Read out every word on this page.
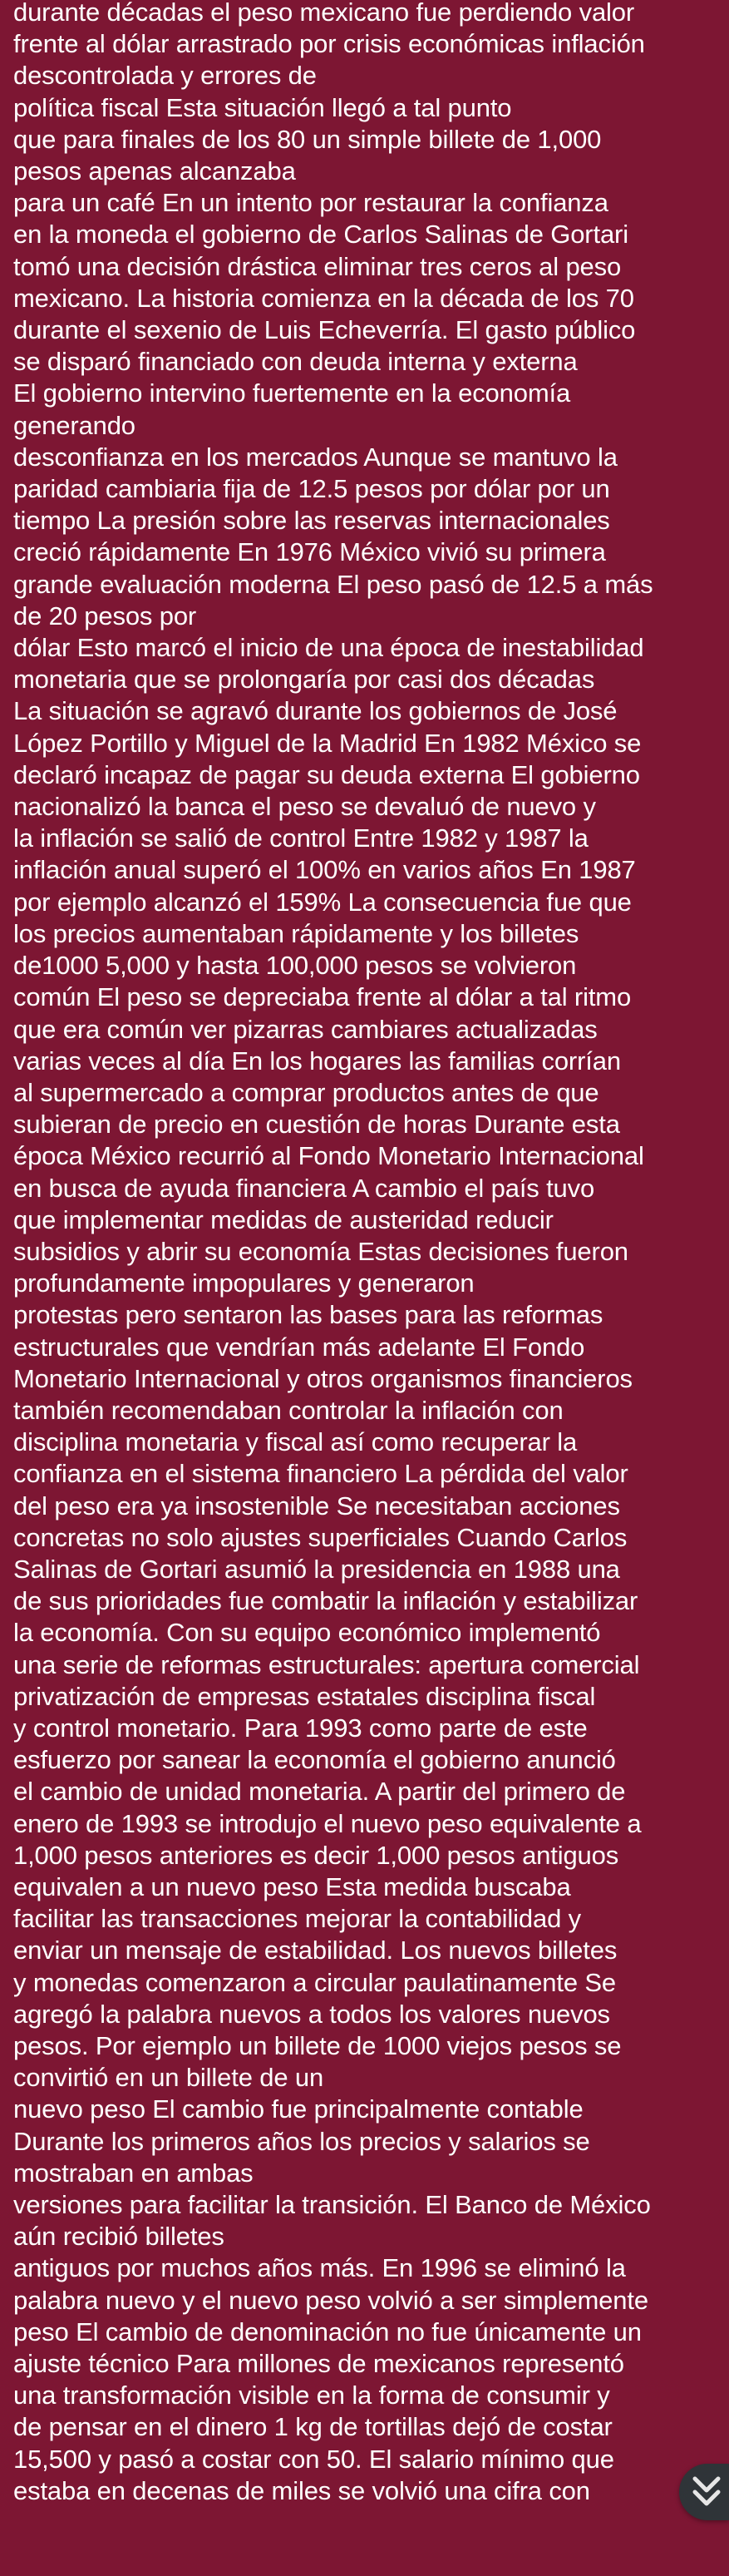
durante décadas el peso mexicano fue perdiendo valor
frente al dólar arrastrado por crisis económicas inflación
descontrolada y errores de
política fiscal Esta situación llegó a tal punto
que para finales de los 80 un simple billete de 1,000
pesos apenas alcanzaba
para un café En un intento por restaurar la confianza
en la moneda el gobierno de Carlos Salinas de Gortari
tomó una decisión drástica eliminar tres ceros al peso
mexicano. La historia comienza en la década de los 70
durante el sexenio de Luis Echeverría. El gasto público
se disparó financiado con deuda interna y externa
El gobierno intervino fuertemente en la economía
generando
desconfianza en los mercados Aunque se mantuvo la
paridad cambiaria fija de 12.5 pesos por dólar por un
tiempo La presión sobre las reservas internacionales
creció rápidamente En 1976 México vivió su primera
grande evaluación moderna El peso pasó de 12.5 a más
de 20 pesos por
dólar Esto marcó el inicio de una época de inestabilidad
monetaria que se prolongaría por casi dos décadas
La situación se agravó durante los gobiernos de José
López Portillo y Miguel de la Madrid En 1982 México se
declaró incapaz de pagar su deuda externa El gobierno
nacionalizó la banca el peso se devaluó de nuevo y
la inflación se salió de control Entre 1982 y 1987 la
inflación anual superó el 100% en varios años En 1987
por ejemplo alcanzó el 159% La consecuencia fue que
los precios aumentaban rápidamente y los billetes
de1000 5,000 y hasta 100,000 pesos se volvieron
común El peso se depreciaba frente al dólar a tal ritmo
que era común ver pizarras cambiares actualizadas
varias veces al día En los hogares las familias corrían
al supermercado a comprar productos antes de que
subieran de precio en cuestión de horas Durante esta
época México recurrió al Fondo Monetario Internacional
en busca de ayuda financiera A cambio el país tuvo
que implementar medidas de austeridad reducir
subsidios y abrir su economía Estas decisiones fueron
profundamente impopulares y generaron
protestas pero sentaron las bases para las reformas
estructurales que vendrían más adelante El Fondo
Monetario Internacional y otros organismos financieros
también recomendaban controlar la inflación con
disciplina monetaria y fiscal así como recuperar la
confianza en el sistema financiero La pérdida del valor
del peso era ya insostenible Se necesitaban acciones
concretas no solo ajustes superficiales Cuando Carlos
Salinas de Gortari asumió la presidencia en 1988 una
de sus prioridades fue combatir la inflación y estabilizar
la economía. Con su equipo económico implementó
una serie de reformas estructurales: apertura comercial
privatización de empresas estatales disciplina fiscal
y control monetario. Para 1993 como parte de este
esfuerzo por sanear la economía el gobierno anunció
el cambio de unidad monetaria. A partir del primero de
enero de 1993 se introdujo el nuevo peso equivalente a
1,000 pesos anteriores es decir 1,000 pesos antiguos
equivalen a un nuevo peso Esta medida buscaba
facilitar las transacciones mejorar la contabilidad y
enviar un mensaje de estabilidad. Los nuevos billetes
y monedas comenzaron a circular paulatinamente Se
agregó la palabra nuevos a todos los valores nuevos
pesos. Por ejemplo un billete de 1000 viejos pesos se
convirtió en un billete de un
nuevo peso El cambio fue principalmente contable
Durante los primeros años los precios y salarios se
mostraban en ambas
versiones para facilitar la transición. El Banco de México
aún recibió billetes
antiguos por muchos años más. En 1996 se eliminó la
palabra nuevo y el nuevo peso volvió a ser simplemente
peso El cambio de denominación no fue únicamente un
ajuste técnico Para millones de mexicanos representó
una transformación visible en la forma de consumir y
de pensar en el dinero 1 kg de tortillas dejó de costar
15,500 y pasó a costar con 50. El salario mínimo que
estaba en decenas de miles se volvió una cifra con
